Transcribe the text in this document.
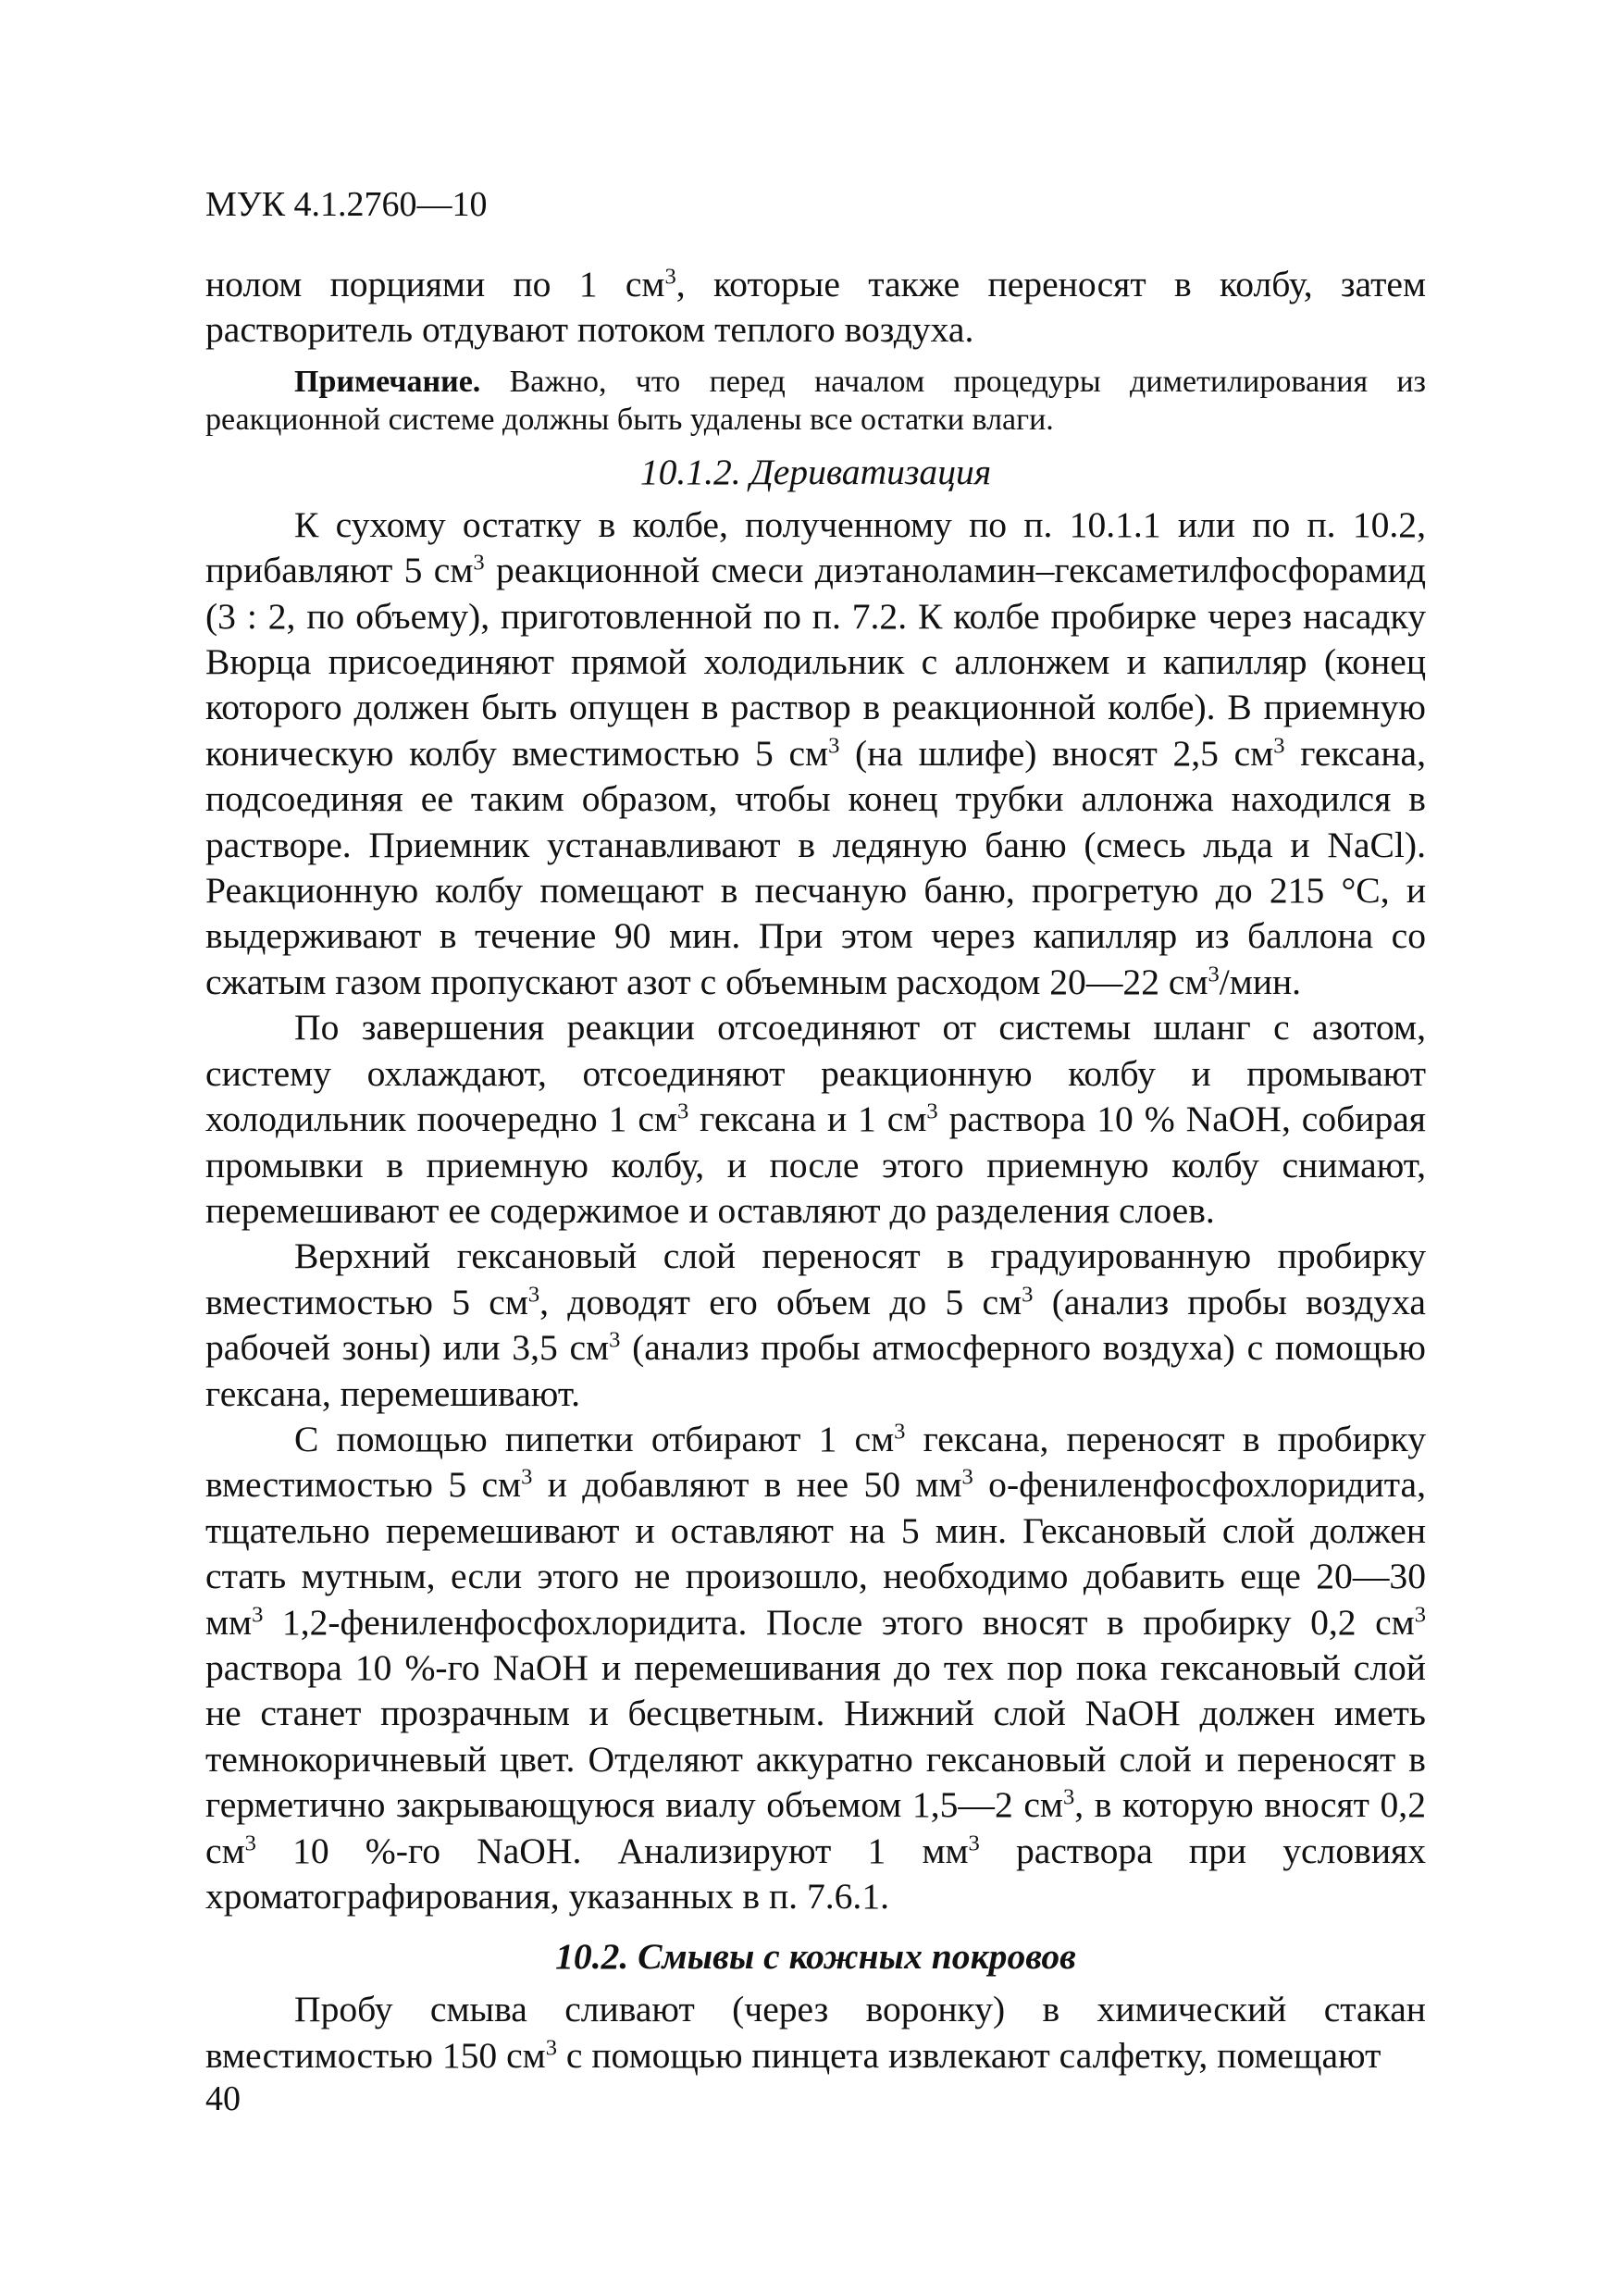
МУК 4.1.2760—10

нолом порциями по 1 $см^3$, которые также переносят в колбу, затем растворитель отдувают потоком теплого воздуха.

Примечание. Важно, что перед началом процедуры диметилирования из реакционной системе должны быть удалены все остатки влаги.

10.1.2. Дериватизация

К сухому остатку в колбе, полученному по п. 10.1.1 или по п. 10.2, прибавляют 5 $см^3$ реакционной смеси диэтаноламин–гексаметилфосфорамид (3 : 2, по объему), приготовленной по п. 7.2. К колбе пробирке через насадку Вюрца присоединяют прямой холодильник с аллонжем и капилляр (конец которого должен быть опущен в раствор в реакционной колбе). В приемную коническую колбу вместимостью 5 $см^3$ (на шлифе) вносят 2,5 $см^3$ гексана, подсоединяя ее таким образом, чтобы конец трубки аллонжа находился в растворе. Приемник устанавливают в ледяную баню (смесь льда и NaCl). Реакционную колбу помещают в песчаную баню, прогретую до 215 °С, и выдерживают в течение 90 мин. При этом через капилляр из баллона со сжатым газом пропускают азот с объемным расходом 20—22 $см^3$/мин.

По завершения реакции отсоединяют от системы шланг с азотом, систему охлаждают, отсоединяют реакционную колбу и промывают холодильник поочередно 1 $см^3$ гексана и 1 $см^3$ раствора 10 % NaOH, собирая промывки в приемную колбу, и после этого приемную колбу снимают, перемешивают ее содержимое и оставляют до разделения слоев.

Верхний гексановый слой переносят в градуированную пробирку вместимостью 5 $см^3$, доводят его объем до 5 $см^3$ (анализ пробы воздуха рабочей зоны) или 3,5 $см^3$ (анализ пробы атмосферного воздуха) с помощью гексана, перемешивают.

С помощью пипетки отбирают 1 $см^3$ гексана, переносят в пробирку вместимостью 5 $см^3$ и добавляют в нее 50 $мм^3$ о-фениленфосфохлоридита, тщательно перемешивают и оставляют на 5 мин. Гексановый слой должен стать мутным, если этого не произошло, необходимо добавить еще 20—30 $мм^3$ 1,2-фениленфосфохлоридита. После этого вносят в пробирку 0,2 $см^3$ раствора 10 %-го NaOH и перемешивания до тех пор пока гексановый слой не станет прозрачным и бесцветным. Нижний слой NaOH должен иметь темнокоричневый цвет. Отделяют аккуратно гексановый слой и переносят в герметично закрывающуюся виалу объемом 1,5—2 $см^3$, в которую вносят 0,2 $см^3$ 10 %-го NaOH. Анализируют 1 $мм^3$ раствора при условиях хроматографирования, указанных в п. 7.6.1.

10.2. Смывы с кожных покровов

Пробу смыва сливают (через воронку) в химический стакан вместимостью 150 $см^3$ с помощью пинцета извлекают салфетку, помещают

40
